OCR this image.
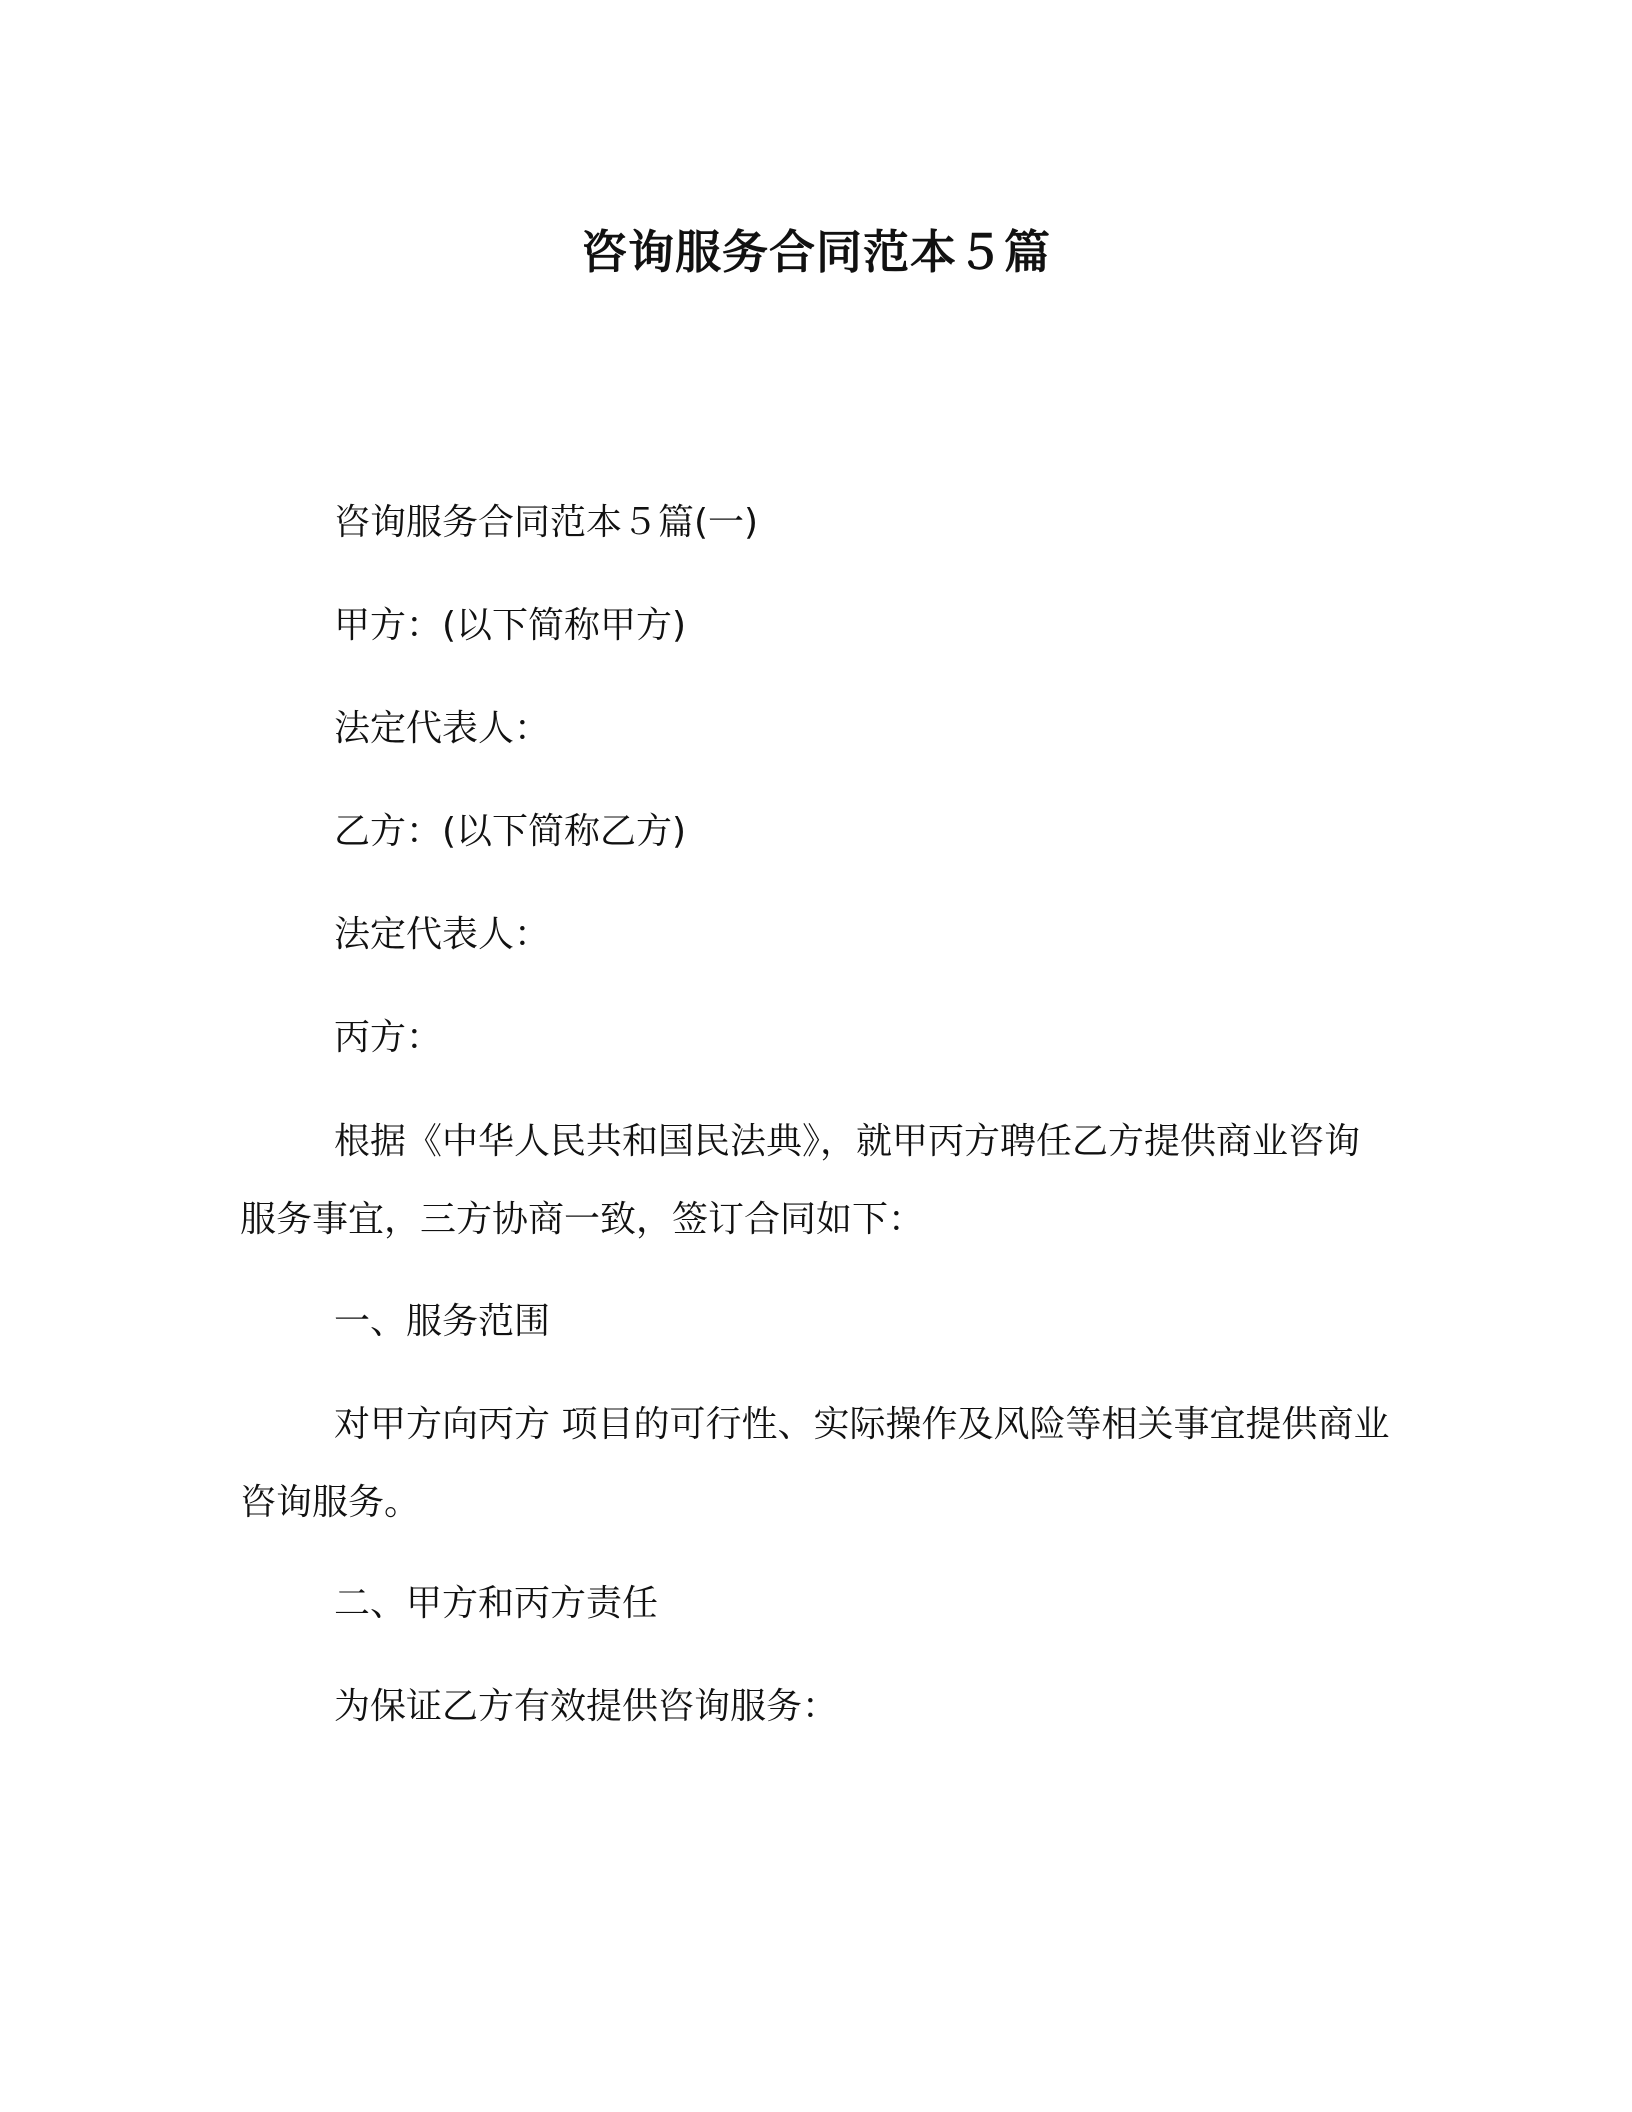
咨询服务合同范本５篇

咨询服务合同范本５篇(一)

甲方：(以下简称甲方)

法定代表人：

乙方：(以下简称乙方)

法定代表人：

丙方：

根据《中华人民共和国民法典》，就甲丙方聘任乙方提供商业咨询服务事宜，三方协商一致，签订合同如下：

一、服务范围

对甲方向丙方 项目的可行性、实际操作及风险等相关事宜提供商业咨询服务。

二、甲方和丙方责任

为保证乙方有效提供咨询服务：
